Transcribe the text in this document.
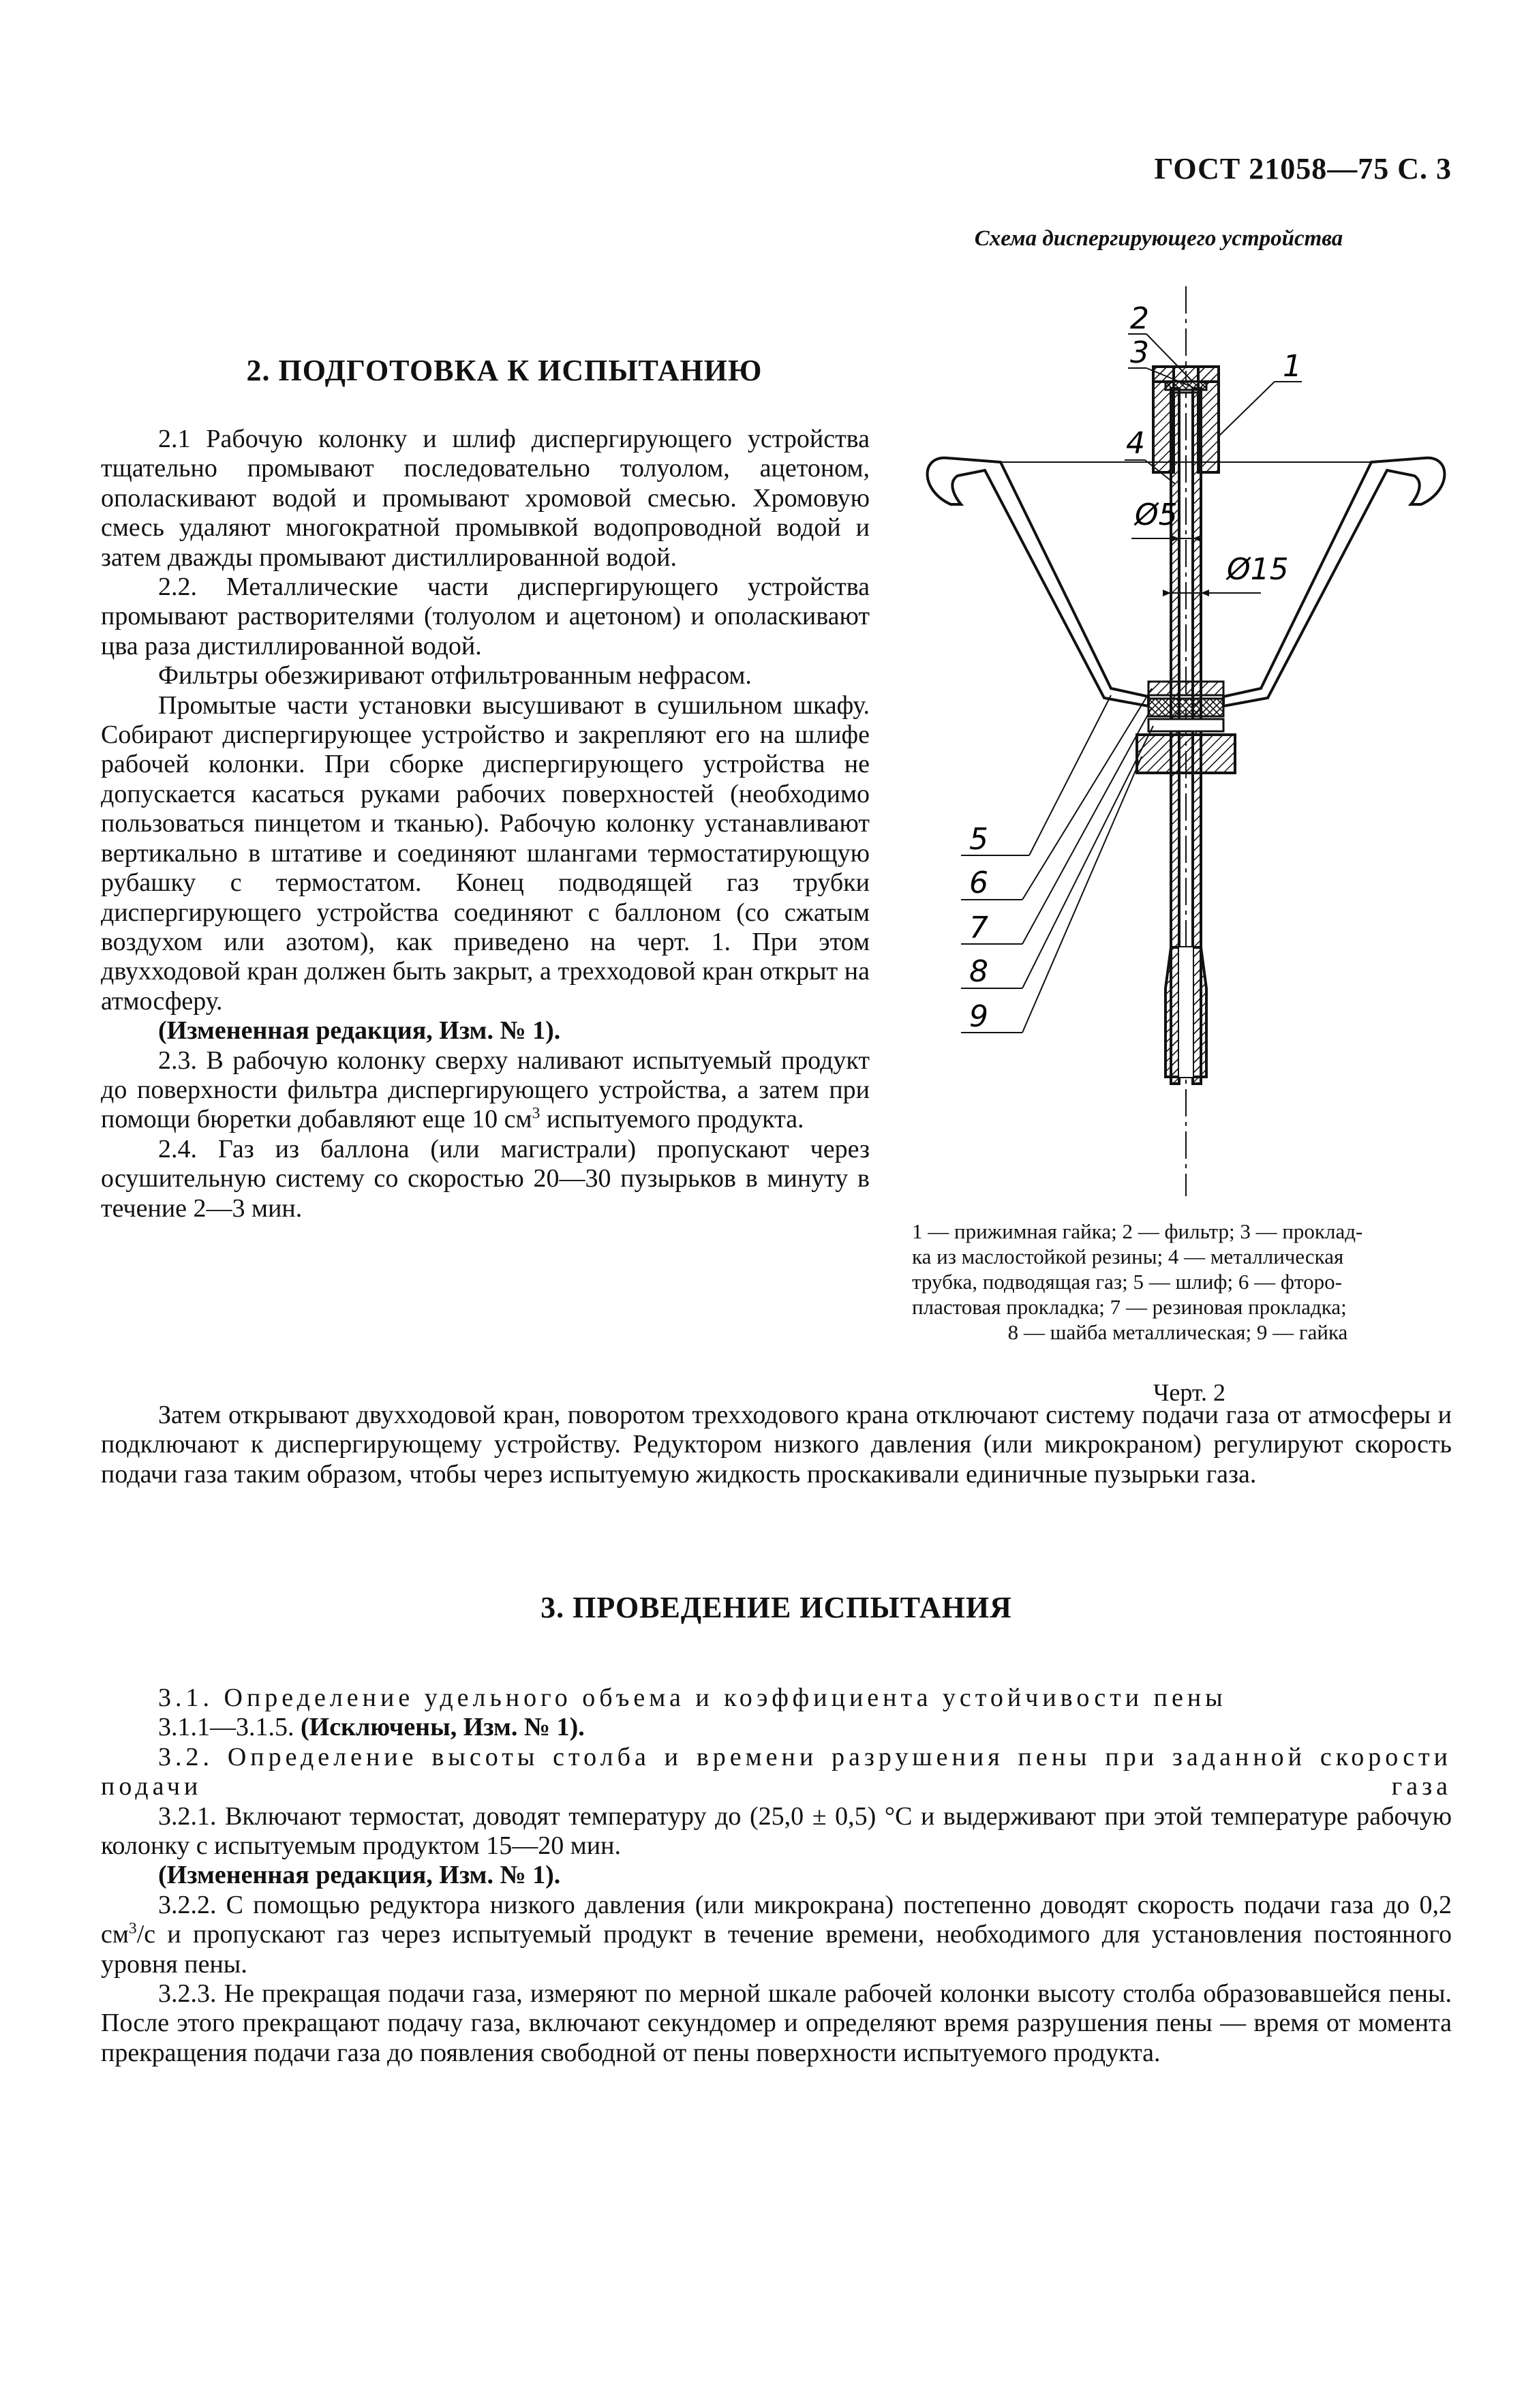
ГОСТ 21058—75 С. 3
Схема диспергирующего устройства
2. ПОДГОТОВКА К ИСПЫТАНИЮ

2.1 Рабочую колонку и шлиф диспергирующего устройства тщательно промывают последовательно толуолом, ацетоном, ополаскивают водой и промывают хромовой смесью. Хромовую смесь удаляют многократной промывкой водопроводной водой и затем дважды промывают дистиллированной водой.

2.2. Металлические части диспергирующего устройства промывают растворителями (толуолом и ацетоном) и ополаскивают цва раза дистиллированной водой.

Фильтры обезжиривают отфильтрованным нефрасом.

Промытые части установки высушивают в сушильном шкафу. Собирают диспергирующее устройство и закрепляют его на шлифе рабочей колонки. При сборке диспергирующего устройства не допускается касаться руками рабочих поверхностей (необходимо пользоваться пинцетом и тканью). Рабочую колонку устанавливают вертикально в штативе и соединяют шлангами термостатирующую рубашку с термостатом. Конец подводящей газ трубки диспергирующего устройства соединяют с баллоном (со сжатым воздухом или азотом), как приведено на черт. 1. При этом двухходовой кран должен быть закрыт, а трехходовой кран открыт на атмосферу.

(Измененная редакция, Изм. № 1).

2.3. В рабочую колонку сверху наливают испытуемый продукт до поверхности фильтра диспергирующего устройства, а затем при помощи бюретки добавляют еще 10 $см^3$ испытуемого продукта.

2.4. Газ из баллона (или магистрали) пропускают через осушительную систему со скоростью 20—30 пузырьков в минуту в течение 2—3 мин.

Затем открывают двухходовой кран, поворотом трехходового крана отключают систему подачи газа от атмосферы и подключают к диспергирующему устройству. Редуктором низкого давления (или микрокраном) регулируют скорость подачи газа таким образом, чтобы через испытуемую жидкость проскакивали единичные пузырьки газа.

Ø5
Ø15
2
3	1
4
5
6
7
8
9

1 — прижимная гайка; 2 — фильтр; 3 — проклад-

ка из маслостойкой резины; 4 — металлическая

трубка, подводящая газ; 5 — шлиф; 6 — фторо-

пластовая прокладка; 7 — резиновая прокладка;

8 — шайба металлическая; 9 — гайка

Черт. 2
3. ПРОВЕДЕНИЕ ИСПЫТАНИЯ

3.1. Определение удельного объема и коэффициента устойчивости пены

3.1.1—3.1.5. (Исключены, Изм. № 1).

3.2. Определение высоты столба и времени разрушения пены при заданной скорости подачи газа

3.2.1. Включают термостат, доводят температуру до (25,0 ± 0,5) °С и выдерживают при этой температуре рабочую колонку с испытуемым продуктом 15—20 мин.

(Измененная редакция, Изм. № 1).

3.2.2. С помощью редуктора низкого давления (или микрокрана) постепенно доводят скорость подачи газа до 0,2 $см^3/с$ и пропускают газ через испытуемый продукт в течение времени, необходимого для установления постоянного уровня пены.

3.2.3. Не прекращая подачи газа, измеряют по мерной шкале рабочей колонки высоту столба образовавшейся пены. После этого прекращают подачу газа, включают секундомер и определяют время разрушения пены — время от момента прекращения подачи газа до появления свободной от пены поверхности испытуемого продукта.
